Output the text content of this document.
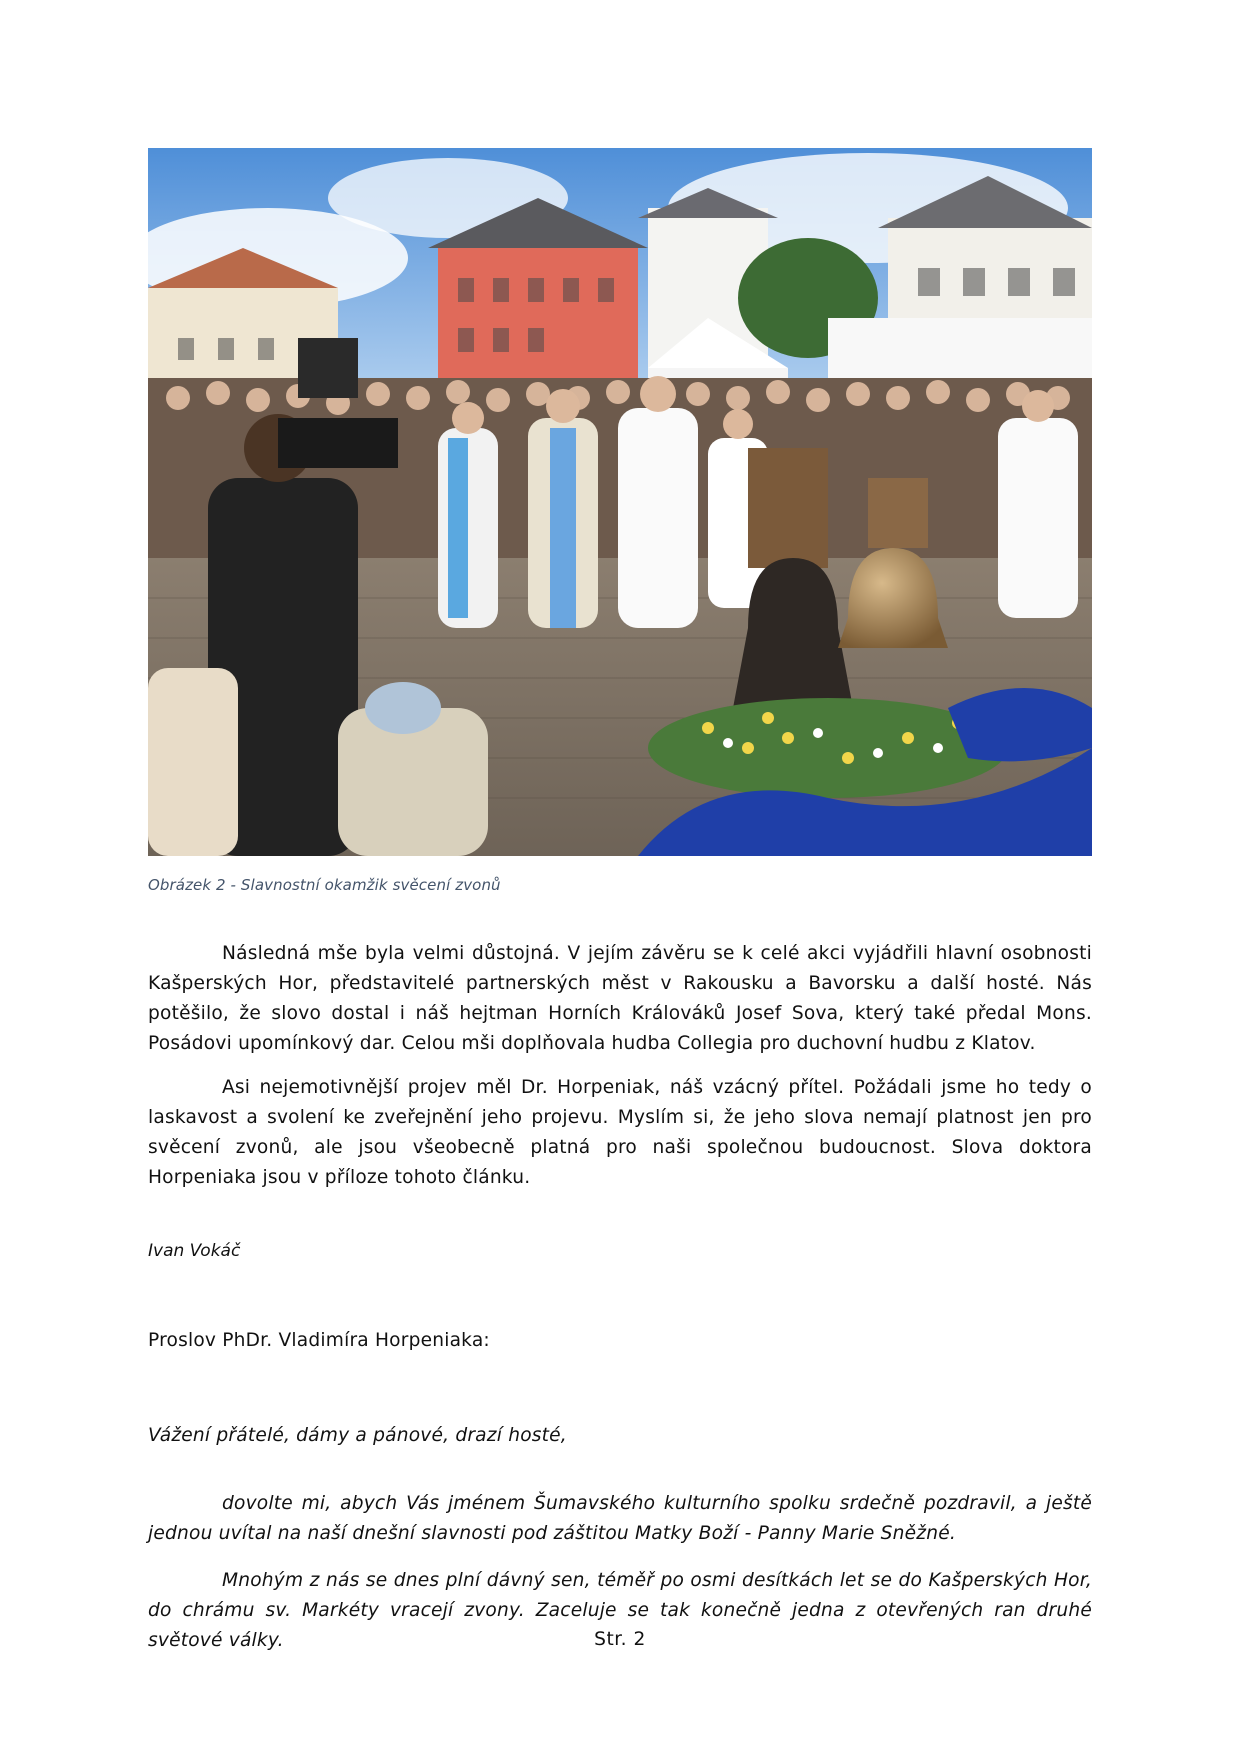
Obrázek 2 - Slavnostní okamžik svěcení zvonů

Následná mše byla velmi důstojná. V jejím závěru se k celé akci vyjádřili hlavní osobnosti Kašperských Hor, představitelé partnerských měst v Rakousku a Bavorsku a další hosté. Nás potěšilo, že slovo dostal i náš hejtman Horních Králováků Josef Sova, který také předal Mons. Posádovi upomínkový dar. Celou mši doplňovala hudba Collegia pro duchovní hudbu z Klatov.

Asi nejemotivnější projev měl Dr. Horpeniak, náš vzácný přítel. Požádali jsme ho tedy o laskavost a svolení ke zveřejnění jeho projevu. Myslím si, že jeho slova nemají platnost jen pro svěcení zvonů, ale jsou všeobecně platná pro naši společnou budoucnost. Slova doktora Horpeniaka jsou v příloze tohoto článku.

Ivan Vokáč
Proslov PhDr. Vladimíra Horpeniaka:
Vážení přátelé, dámy a pánové, drazí hosté,

dovolte mi, abych Vás jménem Šumavského kulturního spolku srdečně pozdravil, a ještě jednou uvítal na naší dnešní slavnosti pod záštitou Matky Boží - Panny Marie Sněžné.

Mnohým z nás se dnes plní dávný sen, téměř po osmi desítkách let se do Kašperských Hor, do chrámu sv. Markéty vracejí zvony. Zaceluje se tak konečně jedna z otevřených ran druhé světové války.	Str. 2
